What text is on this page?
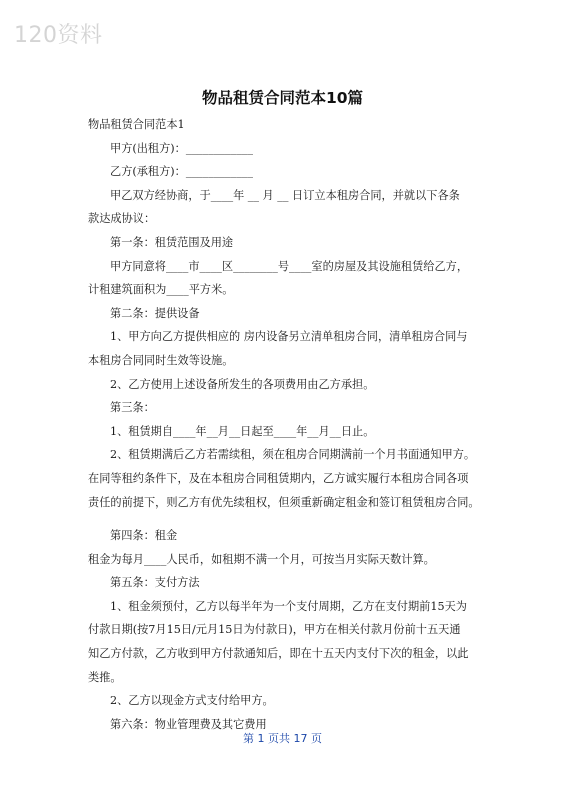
120资料
物品租赁合同范本10篇
物品租赁合同范本1
甲方(出租方)：____________
乙方(承租方)：____________
甲乙双方经协商，于____年 __ 月 __ 日订立本租房合同，并就以下各条
款达成协议：
第一条：租赁范围及用途
甲方同意将____市____区________号____室的房屋及其设施租赁给乙方，
计租建筑面积为____平方米。
第二条：提供设备
1、甲方向乙方提供相应的 房内设备另立清单租房合同，清单租房合同与
本租房合同同时生效等设施。
2、乙方使用上述设备所发生的各项费用由乙方承担。
第三条：
1、租赁期自____年__月__日起至____年__月__日止。
2、租赁期满后乙方若需续租，须在租房合同期满前一个月书面通知甲方。
在同等租约条件下，及在本租房合同租赁期内，乙方诚实履行本租房合同各项
责任的前提下，则乙方有优先续租权，但须重新确定租金和签订租赁租房合同。
第四条：租金
租金为每月____人民币，如租期不满一个月，可按当月实际天数计算。
第五条：支付方法
1、租金须预付，乙方以每半年为一个支付周期，乙方在支付期前15天为
付款日期(按7月15日/元月15日为付款日)，甲方在相关付款月份前十五天通
知乙方付款，乙方收到甲方付款通知后，即在十五天内支付下次的租金，以此
类推。
2、乙方以现金方式支付给甲方。
第六条：物业管理费及其它费用
第 1 页共 17 页
